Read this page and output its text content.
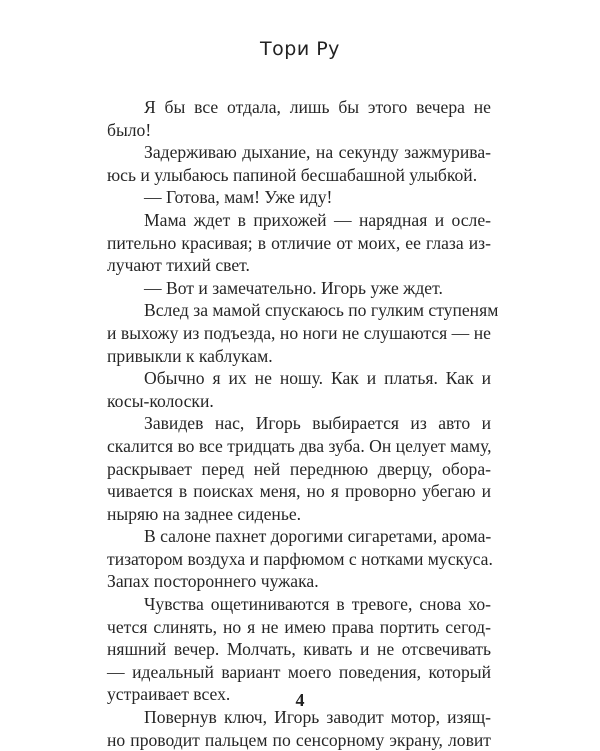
Тори Ру
Я бы все отдала, лишь бы этого вечера не
было!
Задерживаю дыхание, на секунду зажмурива-
юсь и улыбаюсь папиной бесшабашной улыбкой.
— Готова, мам! Уже иду!
Мама ждет в прихожей — нарядная и осле-
пительно красивая; в отличие от моих, ее глаза из-
лучают тихий свет.
— Вот и замечательно. Игорь уже ждет.
Вслед за мамой спускаюсь по гулким ступеням
и выхожу из подъезда, но ноги не слушаются — не
привыкли к каблукам.
Обычно я их не ношу. Как и платья. Как и
косы-колоски.
Завидев нас, Игорь выбирается из авто и
скалится во все тридцать два зуба. Он целует маму,
раскрывает перед ней переднюю дверцу, обора-
чивается в поисках меня, но я проворно убегаю и
ныряю на заднее сиденье.
В салоне пахнет дорогими сигаретами, арома-
тизатором воздуха и парфюмом с нотками мускуса.
Запах постороннего чужака.
Чувства ощетиниваются в тревоге, снова хо-
чется слинять, но я не имею права портить сегод-
няшний вечер. Молчать, кивать и не отсвечивать
— идеальный вариант моего поведения, который
устраивает всех.
Повернув ключ, Игорь заводит мотор, изящ-
но проводит пальцем по сенсорному экрану, ловит
4
